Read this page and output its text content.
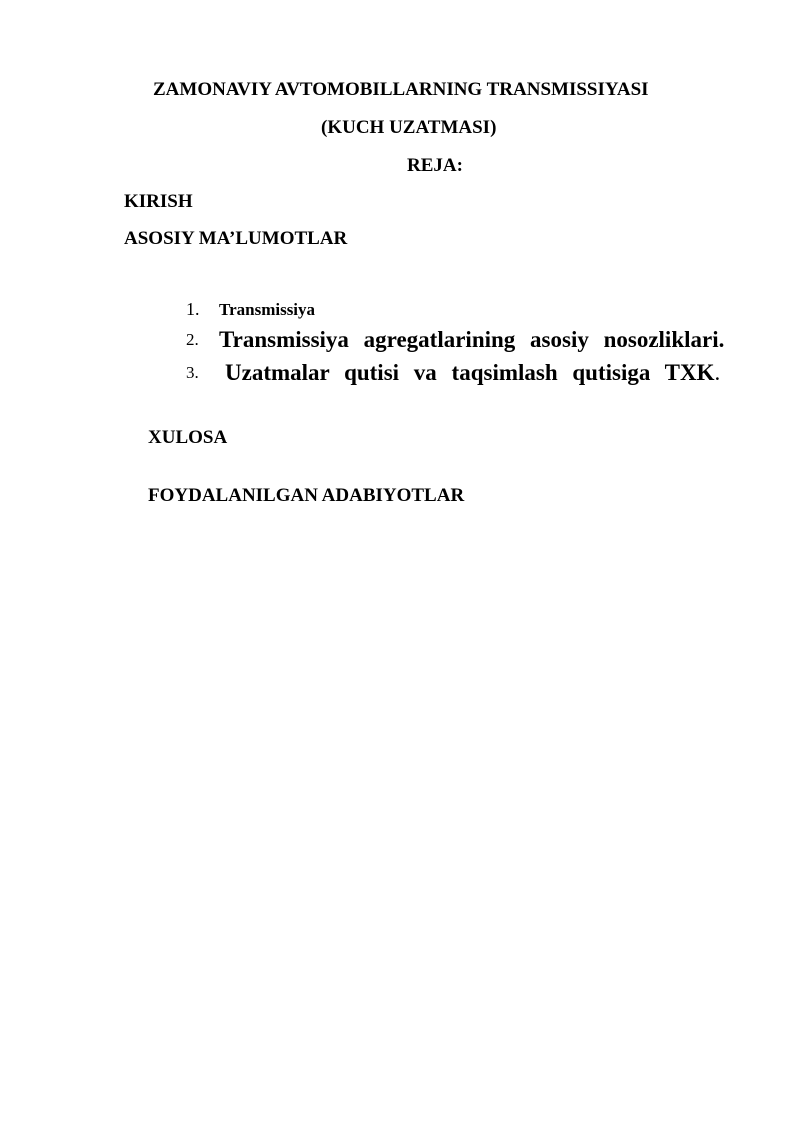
ZAMONAVIY AVTOMOBILLARNING TRANSMISSIYASI
(KUCH UZATMASI)
REJA:
KIRISH
ASOSIY MA’LUMOTLAR
1. Transmissiya
2. Transmissiya agregatlarining asosiy nosozliklari.
3. Uzatmalar qutisi va taqsimlash qutisiga TXK.
XULOSA
FOYDALANILGAN ADABIYOTLAR
